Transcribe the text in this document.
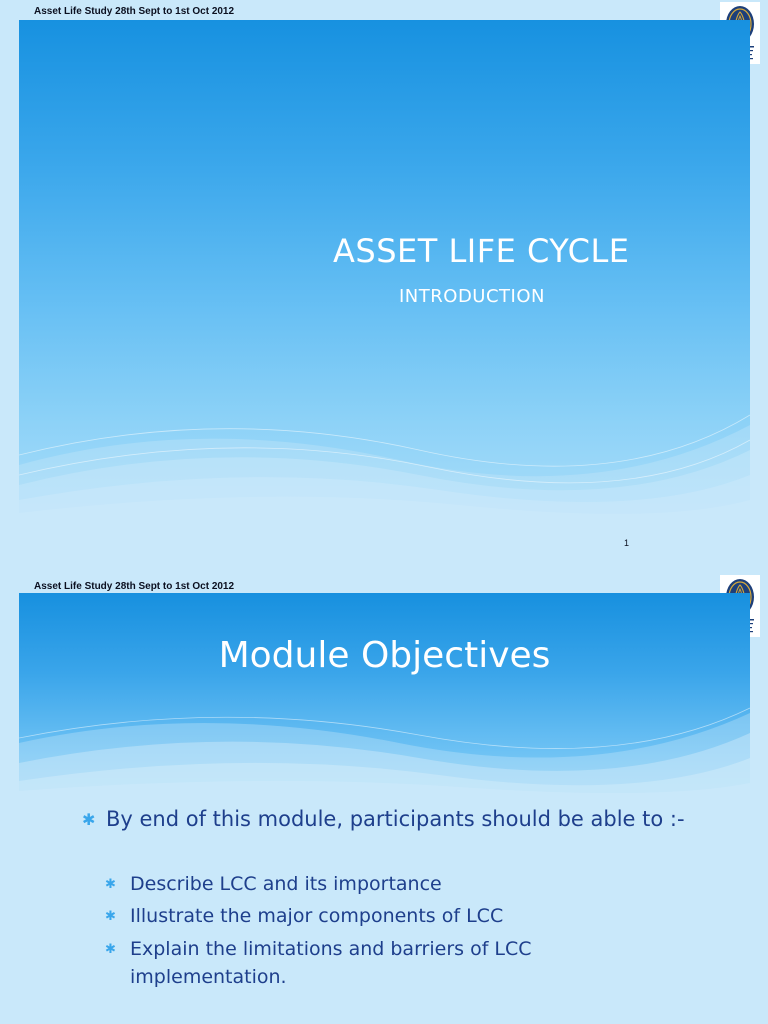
Asset Life Study 28th Sept to 1st Oct 2012
ASSET LIFE CYCLE
INTRODUCTION
1
Asset Life Study 28th Sept to 1st Oct 2012
Module Objectives
✱ By end of this module, participants should be able to :-
✱ Describe LCC and its importance
✱ Illustrate the major components of LCC
✱ Explain the limitations and barriers of LCC implementation.
